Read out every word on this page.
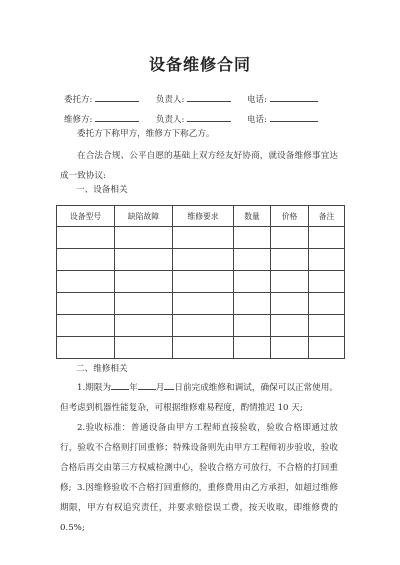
设备维修合同
委托方:	负责人:	电话:
维修方:	负责人:	电话:
委托方下称甲方，维修方下称乙方。
在合法合规、公平自愿的基础上双方经友好协商，就设备维修事宜达成一致协议:
一、设备相关
设备型号	缺陷故障	维修要求	数量	价格	备注

二、维修相关
1.期限为 年 月 日前完成维修和调试，确保可以正常使用。但考虑到机器性能复杂，可根据维修难易程度，酌情推迟 10 天;
2.验收标准：普通设备由甲方工程师直接验收，验收合格即通过放行，验收不合格则打回重修；特殊设备则先由甲方工程师初步验收，验收合格后再交由第三方权威检测中心，验收合格方可放行，不合格的打回重修; 3.因维修验收不合格打回重修的，重修费用由乙方承担，如超过维修期限，甲方有权追究责任，并要求赔偿误工费，按天收取，即维修费的 0.5%;
